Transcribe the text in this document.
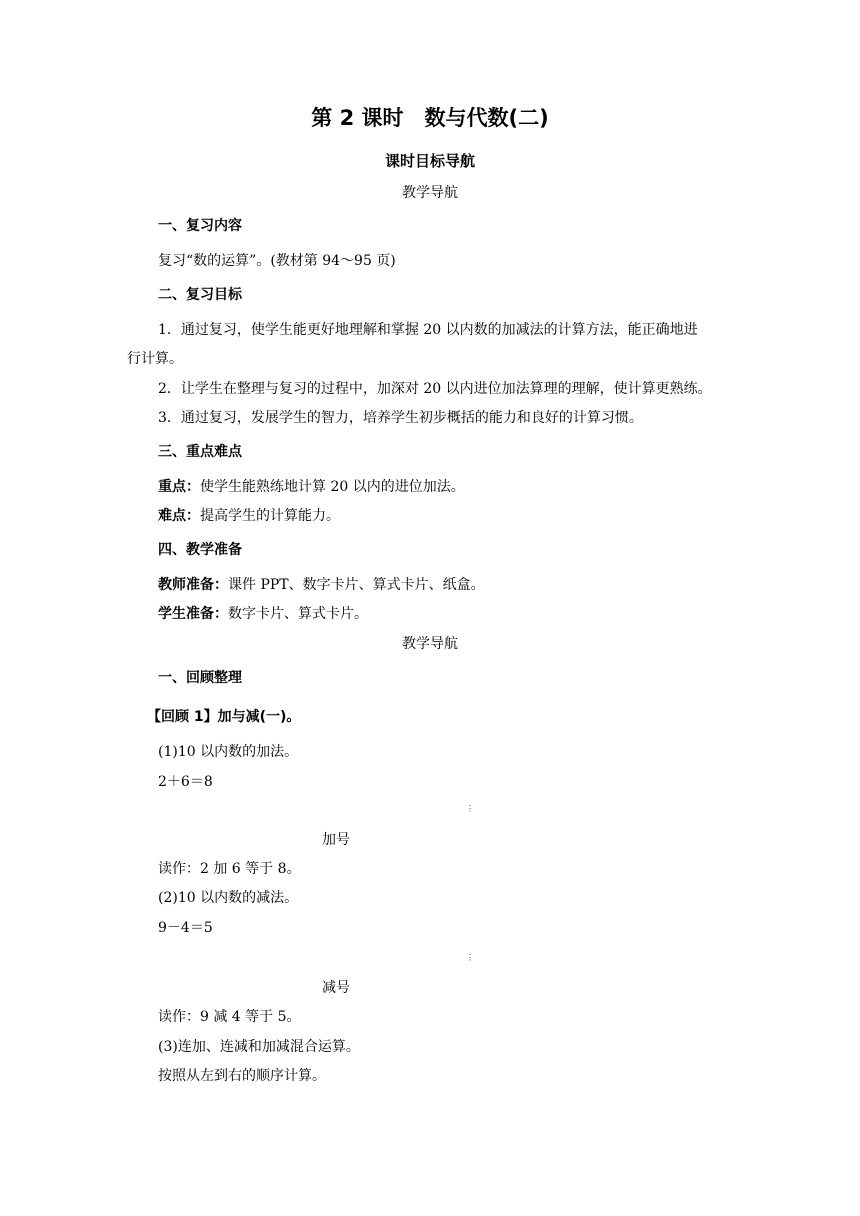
第 2 课时　数与代数(二)
课时目标导航
教学导航
一、复习内容
复习“数的运算”。(教材第 94～95 页)
二、复习目标
1．通过复习，使学生能更好地理解和掌握 20 以内数的加减法的计算方法，能正确地进
行计算。
2．让学生在整理与复习的过程中，加深对 20 以内进位加法算理的理解，使计算更熟练。
3．通过复习，发展学生的智力，培养学生初步概括的能力和良好的计算习惯。
三、重点难点
重点：使学生能熟练地计算 20 以内的进位加法。
难点：提高学生的计算能力。
四、教学准备
教师准备：课件 PPT、数字卡片、算式卡片、纸盒。
学生准备：数字卡片、算式卡片。
教学导航
一、回顾整理
【回顾 1】加与减(一)。
(1)10 以内数的加法。
2＋6＝8
⋮
加号
读作：2 加 6 等于 8。
(2)10 以内数的减法。
9－4＝5
⋮
减号
读作：9 减 4 等于 5。
(3)连加、连减和加减混合运算。
按照从左到右的顺序计算。
